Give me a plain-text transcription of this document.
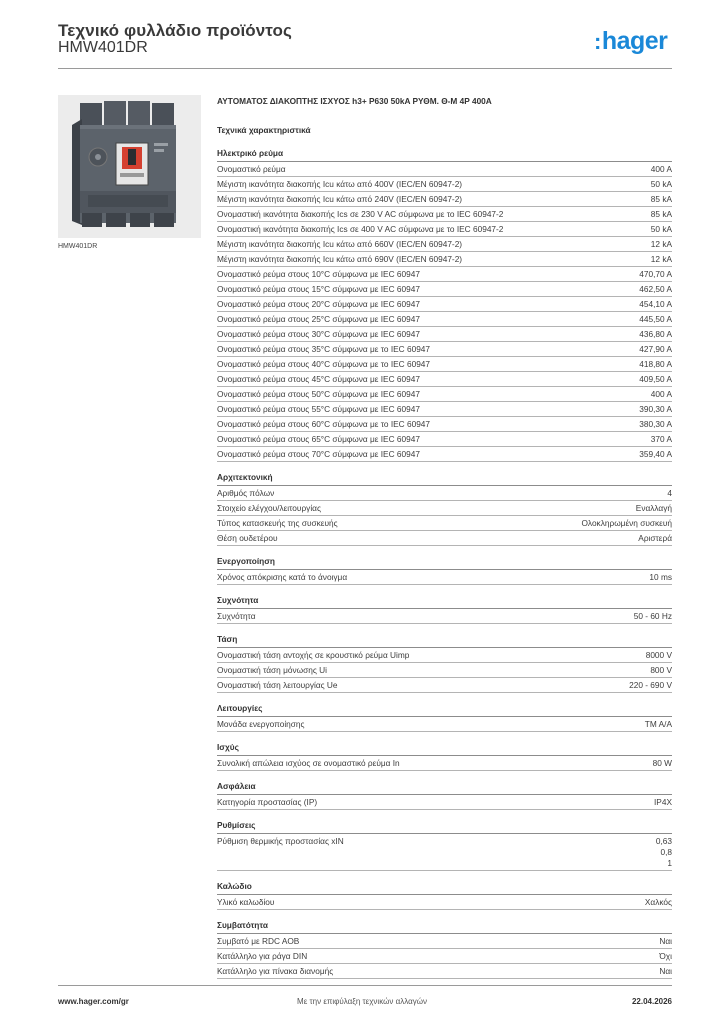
Τεχνικό φυλλάδιο προϊόντος
HMW401DR	:hager
HMW401DR
ΑΥΤΟΜΑΤΟΣ ΔΙΑΚΟΠΤΗΣ ΙΣΧΥΟΣ h3+ P630 50kA ΡΥΘΜ. Θ-Μ 4P 400A
Τεχνικά χαρακτηριστικά
Ηλεκτρικό ρεύμα
Ονομαστικό ρεύμα	400 A
Μέγιστη ικανότητα διακοπής Icu κάτω από 400V (IEC/EN 60947-2)	50 kA
Μέγιστη ικανότητα διακοπής Icu κάτω από 240V (IEC/EN 60947-2)	85 kA
Ονομαστική ικανότητα διακοπής Ics σε 230 V AC σύμφωνα με το IEC 60947-2	85 kA
Ονομαστική ικανότητα διακοπής Ics σε 400 V AC σύμφωνα με το IEC 60947-2	50 kA
Μέγιστη ικανότητα διακοπής Icu κάτω από 660V (IEC/EN 60947-2)	12 kA
Μέγιστη ικανότητα διακοπής Icu κάτω από 690V (IEC/EN 60947-2)	12 kA
Ονομαστικό ρεύμα στους 10°C σύμφωνα με IEC 60947	470,70 A
Ονομαστικό ρεύμα στους 15°C σύμφωνα με IEC 60947	462,50 A
Ονομαστικό ρεύμα στους 20°C σύμφωνα με IEC 60947	454,10 A
Ονομαστικό ρεύμα στους 25°C σύμφωνα με IEC 60947	445,50 A
Ονομαστικό ρεύμα στους 30°C σύμφωνα με IEC 60947	436,80 A
Ονομαστικό ρεύμα στους 35°C σύμφωνα με το IEC 60947	427,90 A
Ονομαστικό ρεύμα στους 40°C σύμφωνα με το IEC 60947	418,80 A
Ονομαστικό ρεύμα στους 45°C σύμφωνα με IEC 60947	409,50 A
Ονομαστικό ρεύμα στους 50°C σύμφωνα με IEC 60947	400 A
Ονομαστικό ρεύμα στους 55°C σύμφωνα με IEC 60947	390,30 A
Ονομαστικό ρεύμα στους 60°C σύμφωνα με το IEC 60947	380,30 A
Ονομαστικό ρεύμα στους 65°C σύμφωνα με IEC 60947	370 A
Ονομαστικό ρεύμα στους 70°C σύμφωνα με IEC 60947	359,40 A
Αρχιτεκτονική
Αριθμός πόλων	4
Στοιχείο ελέγχου/λειτουργίας	Εναλλαγή
Τύπος κατασκευής της συσκευής	Ολοκληρωμένη συσκευή
Θέση ουδετέρου	Αριστερά
Ενεργοποίηση
Χρόνος απόκρισης κατά το άνοιγμα	10 ms
Συχνότητα
Συχνότητα	50 - 60 Hz
Τάση
Ονομαστική τάση αντοχής σε κρουστικό ρεύμα Uimp	8000 V
Ονομαστική τάση μόνωσης Ui	800 V
Ονομαστική τάση λειτουργίας Ue	220 - 690 V
Λειτουργίες
Μονάδα ενεργοποίησης	TM A/A
Ισχύς
Συνολική απώλεια ισχύος σε ονομαστικό ρεύμα In	80 W
Ασφάλεια
Κατηγορία προστασίας (IP)	IP4X
Ρυθμίσεις
Ρύθμιση θερμικής προστασίας xIN	0,63
0,8
1
Καλώδιο
Υλικό καλωδίου	Χαλκός
Συμβατότητα
Συμβατό με RDC AOB	Ναι
Κατάλληλο για ράγα DIN	Όχι
Κατάλληλο για πίνακα διανομής	Ναι
www.hager.com/gr	Με την επιφύλαξη τεχνικών αλλαγών	22.04.2026
